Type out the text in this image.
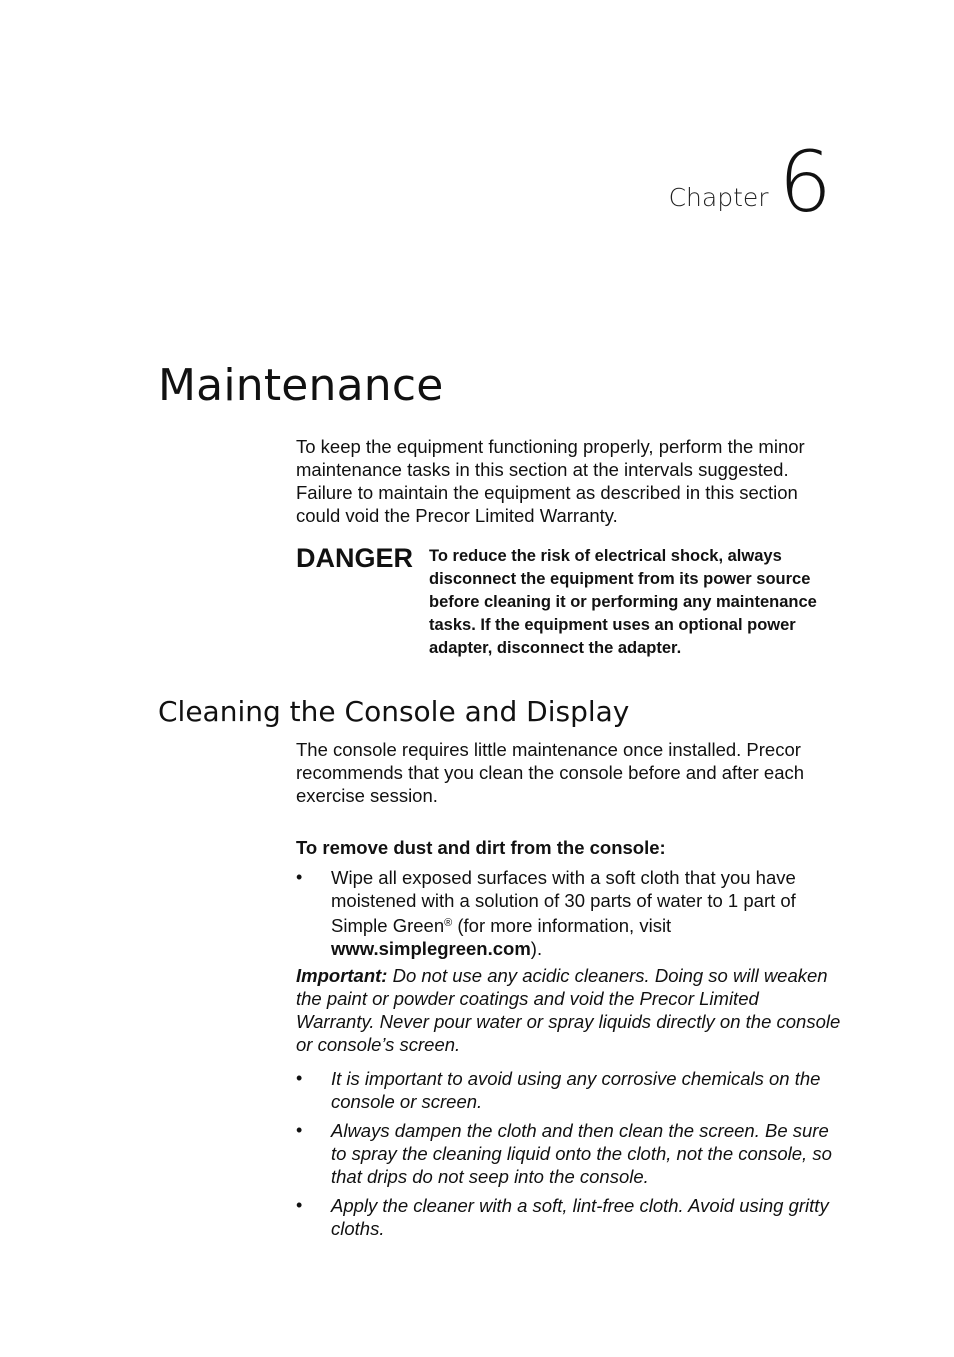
Chapter 6
Maintenance

To keep the equipment functioning properly, perform the minor maintenance tasks in this section at the intervals suggested. Failure to maintain the equipment as described in this section could void the Precor Limited Warranty.

DANGER To reduce the risk of electrical shock, always disconnect the equipment from its power source before cleaning it or performing any maintenance tasks. If the equipment uses an optional power adapter, disconnect the adapter.

Cleaning the Console and Display

The console requires little maintenance once installed. Precor recommends that you clean the console before and after each exercise session.

To remove dust and dirt from the console:

• Wipe all exposed surfaces with a soft cloth that you have moistened with a solution of 30 parts of water to 1 part of Simple Green® (for more information, visit www.simplegreen.com).

Important: Do not use any acidic cleaners. Doing so will weaken the paint or powder coatings and void the Precor Limited Warranty. Never pour water or spray liquids directly on the console or console’s screen.

• It is important to avoid using any corrosive chemicals on the console or screen.
• Always dampen the cloth and then clean the screen. Be sure to spray the cleaning liquid onto the cloth, not the console, so that drips do not seep into the console.
• Apply the cleaner with a soft, lint-free cloth. Avoid using gritty cloths.
